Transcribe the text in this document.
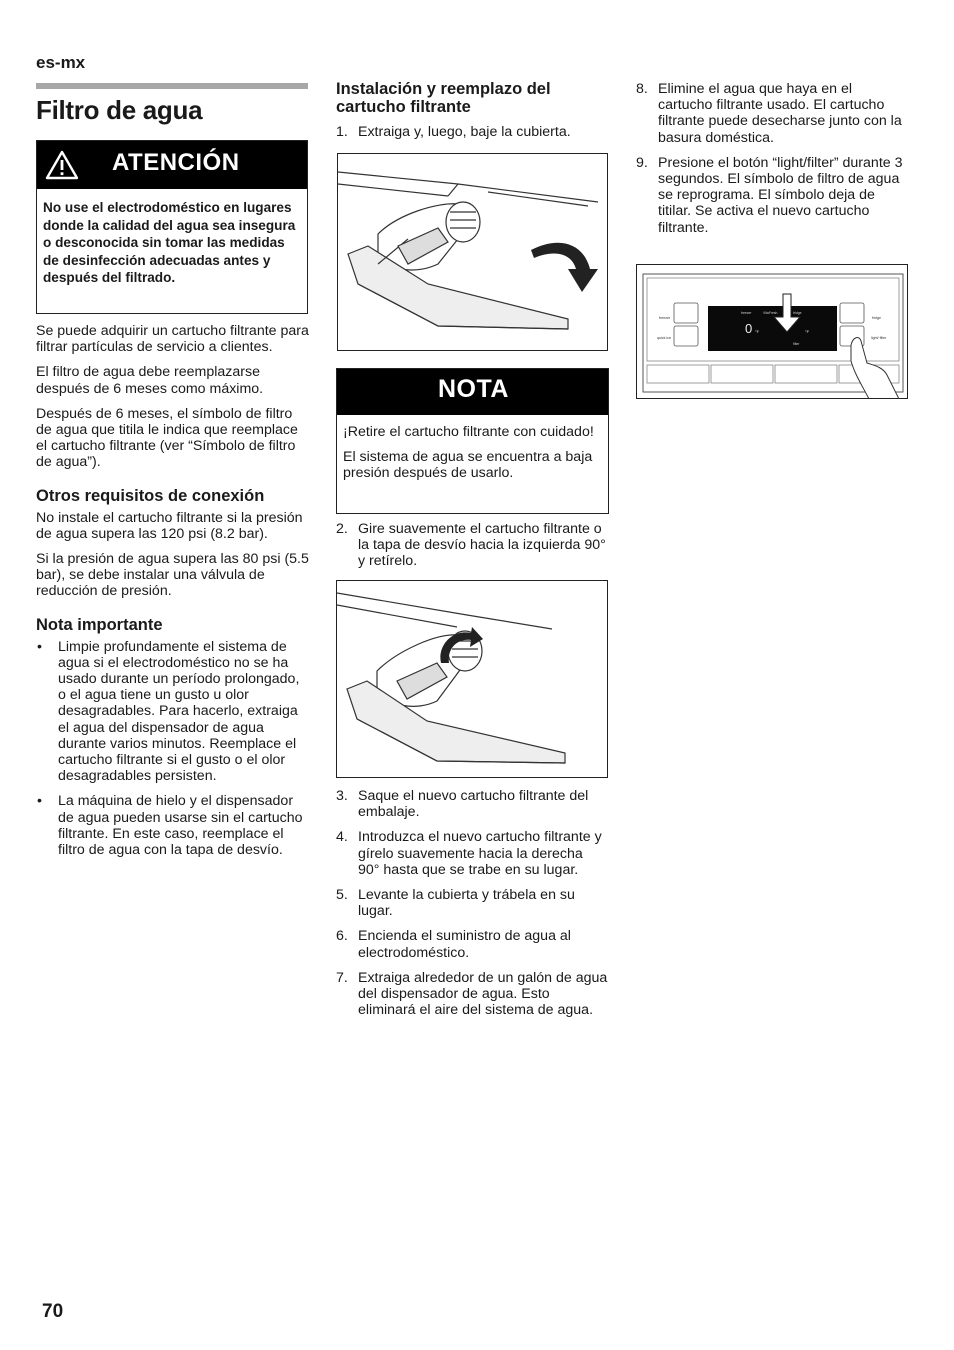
es-mx
Filtro de agua
ATENCIÓN
No use el electrodoméstico en lugares donde la calidad del agua sea insegura o desconocida sin tomar las medidas de desinfección adecuadas antes y después del filtrado.

Se puede adquirir un cartucho filtrante para filtrar partículas de servicio a clientes.

El filtro de agua debe reemplazarse después de 6 meses como máximo.

Después de 6 meses, el símbolo de filtro de agua que titila le indica que reemplace el cartucho filtrante (ver “Símbolo de filtro de agua”).

Otros requisitos de conexión

No instale el cartucho filtrante si la presión de agua supera las 120 psi (8.2 bar).

Si la presión de agua supera las 80 psi (5.5 bar), se debe instalar una válvula de reducción de presión.

Nota importante
• Limpie profundamente el sistema de agua si el electrodoméstico no se ha usado durante un período prolongado, o el agua tiene un gusto u olor desagradables. Para hacerlo, extraiga el agua del dispensador de agua durante varios minutos. Reemplace el cartucho filtrante si el gusto o el olor desagradables persisten.
• La máquina de hielo y el dispensador de agua pueden usarse sin el cartucho filtrante. En este caso, reemplace el filtro de agua con la tapa de desvío.
Instalación y reemplazo del cartucho filtrante
1. Extraiga y, luego, baje la cubierta.
NOTA

¡Retire el cartucho filtrante con cuidado!

El sistema de agua se encuentra a baja presión después de usarlo.

2. Gire suavemente el cartucho filtrante o la tapa de desvío hacia la izquierda 90° y retírelo.
3. Saque el nuevo cartucho filtrante del embalaje.
4. Introduzca el nuevo cartucho filtrante y gírelo suavemente hacia la derecha 90° hasta que se trabe en su lugar.
5. Levante la cubierta y trábela en su lugar.
6. Encienda el suministro de agua al electrodoméstico.
7. Extraiga alrededor de un galón de agua del dispensador de agua. Esto eliminará el aire del sistema de agua.
8. Elimine el agua que haya en el cartucho filtrante usado. El cartucho filtrante puede desecharse junto con la basura doméstica.
9. Presione el botón “light/filter” durante 3 segundos. El símbolo de filtro de agua se reprograma. El símbolo deja de titilar. Se activa el nuevo cartucho filtrante.
freezer
quick ice
fridge
light/ filter
freezer	VitaFresh	fridge
0 °F	°F
filter
70
